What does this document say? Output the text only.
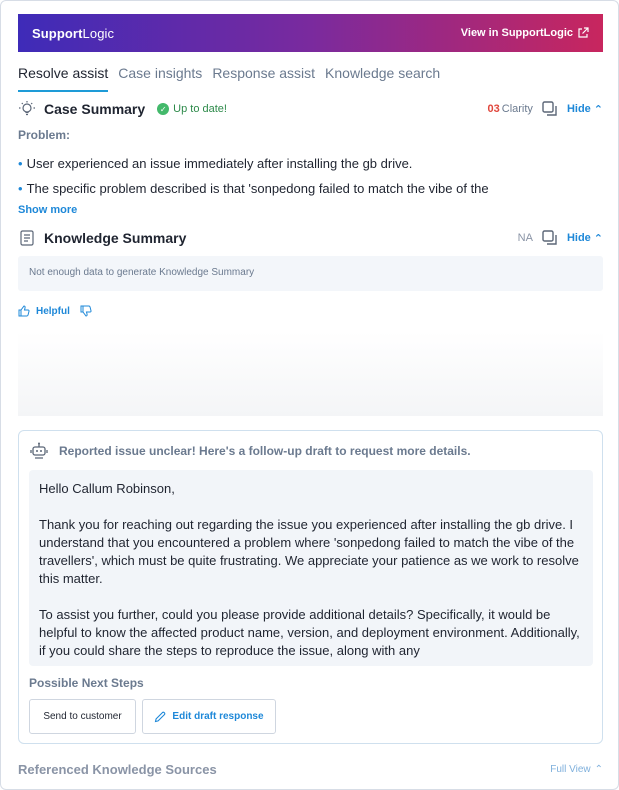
SupportLogic	View in SupportLogic
Resolve assist Case insights Response assist Knowledge search
Case Summary	✓ Up to date!	03 Clarity	Hide ⌃
Problem:
• User experienced an issue immediately after installing the gb drive.
• The specific problem described is that 'sonpedong failed to match the vibe of the
Show more
Knowledge Summary	NA	Hide ⌃
Not enough data to generate Knowledge Summary
Helpful
Reported issue unclear! Here's a follow-up draft to request more details.

Hello Callum Robinson,

Thank you for reaching out regarding the issue you experienced after installing the gb drive. I understand that you encountered a problem where 'sonpedong failed to match the vibe of the travellers', which must be quite frustrating. We appreciate your patience as we work to resolve this matter.

To assist you further, could you please provide additional details? Specifically, it would be helpful to know the affected product name, version, and deployment environment. Additionally, if you could share the steps to reproduce the issue, along with any

Possible Next Steps
Send to customer	Edit draft response
Referenced Knowledge Sources	Full View ⌃
